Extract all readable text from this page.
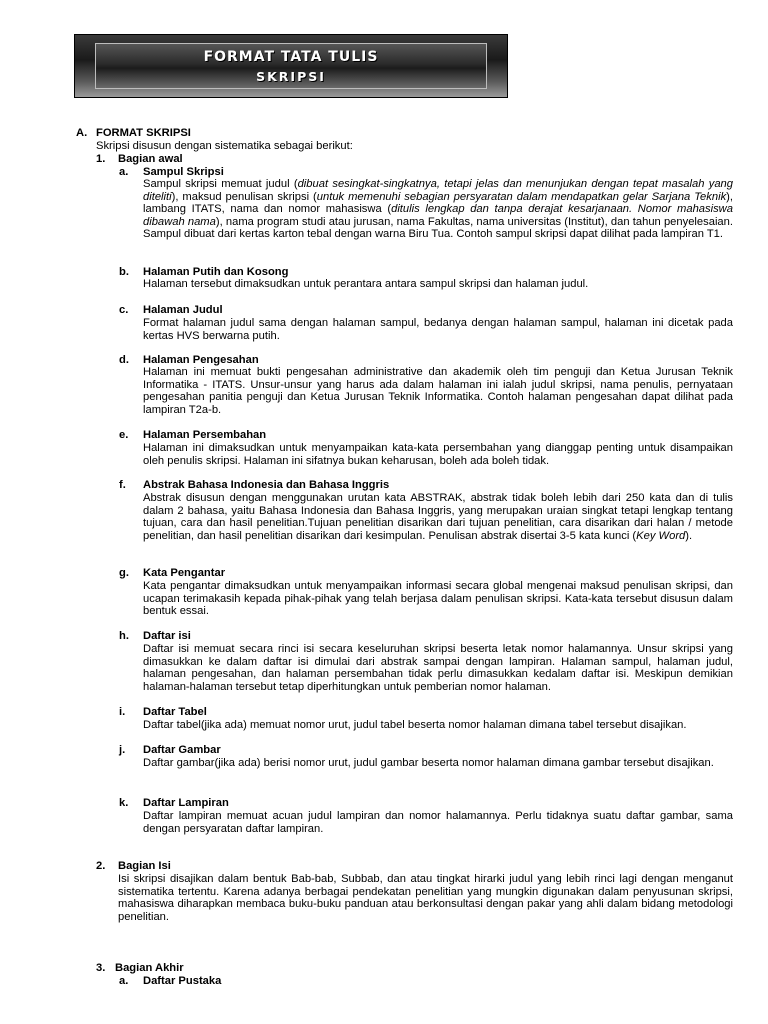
FORMAT TATA TULIS
SKRIPSI
A. FORMAT SKRIPSI
Skripsi disusun dengan sistematika sebagai berikut:
1. Bagian awal
a. Sampul Skripsi

Sampul skripsi memuat judul (dibuat sesingkat-singkatnya, tetapi jelas dan menunjukan dengan tepat masalah yang diteliti), maksud penulisan skripsi (untuk memenuhi sebagian persyaratan dalam mendapatkan gelar Sarjana Teknik), lambang ITATS, nama dan nomor mahasiswa (ditulis lengkap dan tanpa derajat kesarjanaan. Nomor mahasiswa dibawah nama), nama program studi atau jurusan, nama Fakultas, nama universitas (Institut), dan tahun penyelesaian. Sampul dibuat dari kertas karton tebal dengan warna Biru Tua. Contoh sampul skripsi dapat dilihat pada lampiran T1.

b. Halaman Putih dan Kosong
Halaman tersebut dimaksudkan untuk perantara antara sampul skripsi dan halaman judul.
c. Halaman Judul
Format halaman judul sama dengan halaman sampul, bedanya dengan halaman sampul, halaman ini dicetak pada kertas HVS berwarna putih.
d. Halaman Pengesahan
Halaman ini memuat bukti pengesahan administrative dan akademik oleh tim penguji dan Ketua Jurusan Teknik Informatika - ITATS. Unsur-unsur yang harus ada dalam halaman ini ialah judul skripsi, nama penulis, pernyataan pengesahan panitia penguji dan Ketua Jurusan Teknik Informatika. Contoh halaman pengesahan dapat dilihat pada lampiran T2a-b.
e. Halaman Persembahan
Halaman ini dimaksudkan untuk menyampaikan kata-kata persembahan yang dianggap penting untuk disampaikan oleh penulis skripsi. Halaman ini sifatnya bukan keharusan, boleh ada boleh tidak.
f. Abstrak Bahasa Indonesia dan Bahasa Inggris

Abstrak disusun dengan menggunakan urutan kata ABSTRAK, abstrak tidak boleh lebih dari 250 kata dan di tulis dalam 2 bahasa, yaitu Bahasa Indonesia dan Bahasa Inggris, yang merupakan uraian singkat tetapi lengkap tentang tujuan, cara dan hasil penelitian.Tujuan penelitian disarikan dari tujuan penelitian, cara disarikan dari halan / metode penelitian, dan hasil penelitian disarikan dari kesimpulan. Penulisan abstrak disertai 3-5 kata kunci (Key Word).

g. Kata Pengantar
Kata pengantar dimaksudkan untuk menyampaikan informasi secara global mengenai maksud penulisan skripsi, dan ucapan terimakasih kepada pihak-pihak yang telah berjasa dalam penulisan skripsi. Kata-kata tersebut disusun dalam bentuk essai.
h. Daftar isi
Daftar isi memuat secara rinci isi secara keseluruhan skripsi beserta letak nomor halamannya. Unsur skripsi yang dimasukkan ke dalam daftar isi dimulai dari abstrak sampai dengan lampiran. Halaman sampul, halaman judul, halaman pengesahan, dan halaman persembahan tidak perlu dimasukkan kedalam daftar isi. Meskipun demikian halaman-halaman tersebut tetap diperhitungkan untuk pemberian nomor halaman.
i. Daftar Tabel
Daftar tabel(jika ada) memuat nomor urut, judul tabel beserta nomor halaman dimana tabel tersebut disajikan.
j. Daftar Gambar
Daftar gambar(jika ada) berisi nomor urut, judul gambar beserta nomor halaman dimana gambar tersebut disajikan.
k. Daftar Lampiran
Daftar lampiran memuat acuan judul lampiran dan nomor halamannya. Perlu tidaknya suatu daftar gambar, sama dengan persyaratan daftar lampiran.
2. Bagian Isi
Isi skripsi disajikan dalam bentuk Bab-bab, Subbab, dan atau tingkat hirarki judul yang lebih rinci lagi dengan menganut sistematika tertentu. Karena adanya berbagai pendekatan penelitian yang mungkin digunakan dalam penyusunan skripsi, mahasiswa diharapkan membaca buku-buku panduan atau berkonsultasi dengan pakar yang ahli dalam bidang metodologi penelitian.
3. Bagian Akhir
a. Daftar Pustaka
